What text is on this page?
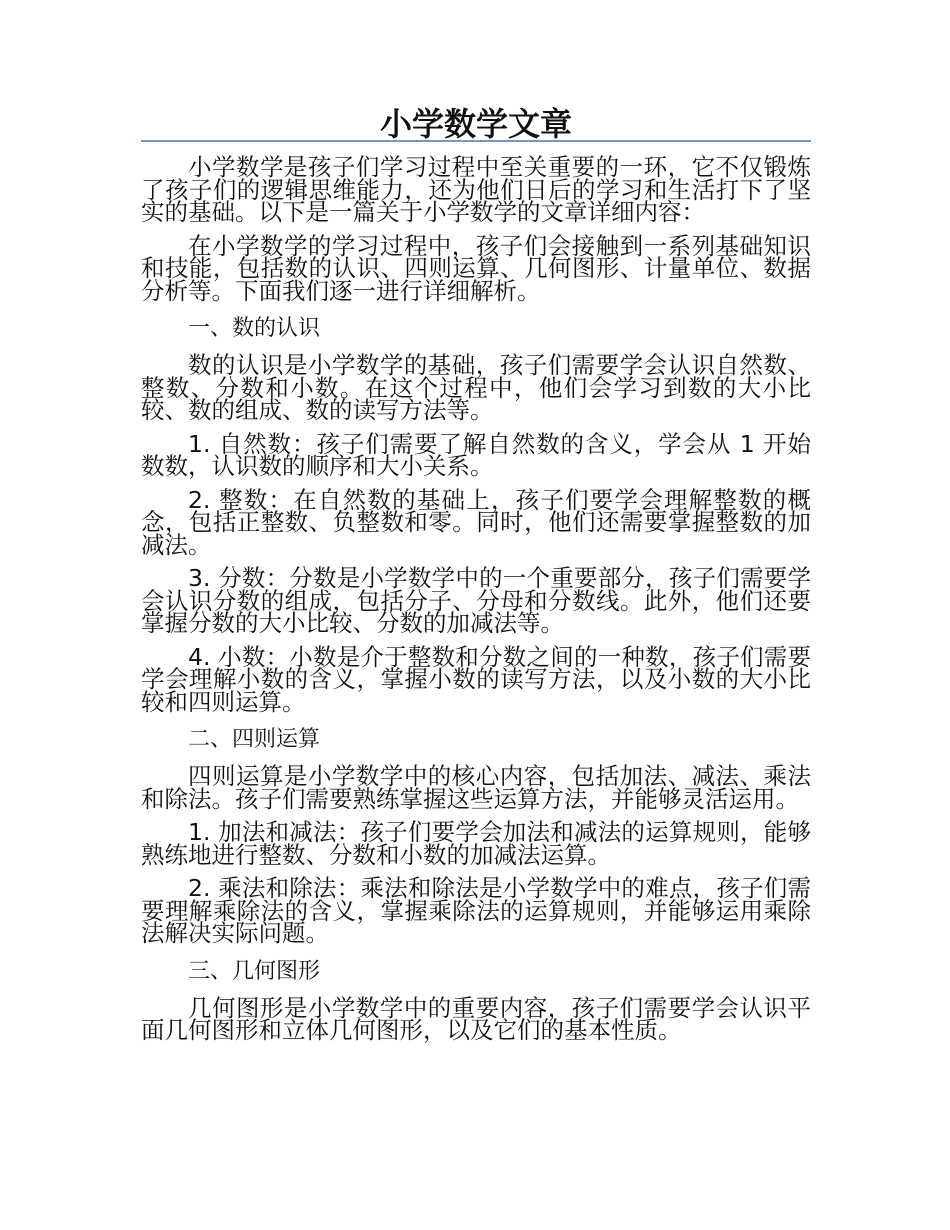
小学数学文章

小学数学是孩子们学习过程中至关重要的一环，它不仅锻炼了孩子们的逻辑思维能力，还为他们日后的学习和生活打下了坚实的基础。以下是一篇关于小学数学的文章详细内容：

在小学数学的学习过程中，孩子们会接触到一系列基础知识和技能，包括数的认识、四则运算、几何图形、计量单位、数据分析等。下面我们逐一进行详细解析。

一、数的认识

数的认识是小学数学的基础，孩子们需要学会认识自然数、整数、分数和小数。在这个过程中，他们会学习到数的大小比较、数的组成、数的读写方法等。

1. 自然数：孩子们需要了解自然数的含义，学会从 1 开始数数，认识数的顺序和大小关系。

2. 整数：在自然数的基础上，孩子们要学会理解整数的概念，包括正整数、负整数和零。同时，他们还需要掌握整数的加减法。

3. 分数：分数是小学数学中的一个重要部分，孩子们需要学会认识分数的组成，包括分子、分母和分数线。此外，他们还要掌握分数的大小比较、分数的加减法等。

4. 小数：小数是介于整数和分数之间的一种数，孩子们需要学会理解小数的含义，掌握小数的读写方法，以及小数的大小比较和四则运算。

二、四则运算

四则运算是小学数学中的核心内容，包括加法、减法、乘法和除法。孩子们需要熟练掌握这些运算方法，并能够灵活运用。

1. 加法和减法：孩子们要学会加法和减法的运算规则，能够熟练地进行整数、分数和小数的加减法运算。

2. 乘法和除法：乘法和除法是小学数学中的难点，孩子们需要理解乘除法的含义，掌握乘除法的运算规则，并能够运用乘除法解决实际问题。

三、几何图形

几何图形是小学数学中的重要内容，孩子们需要学会认识平面几何图形和立体几何图形，以及它们的基本性质。
